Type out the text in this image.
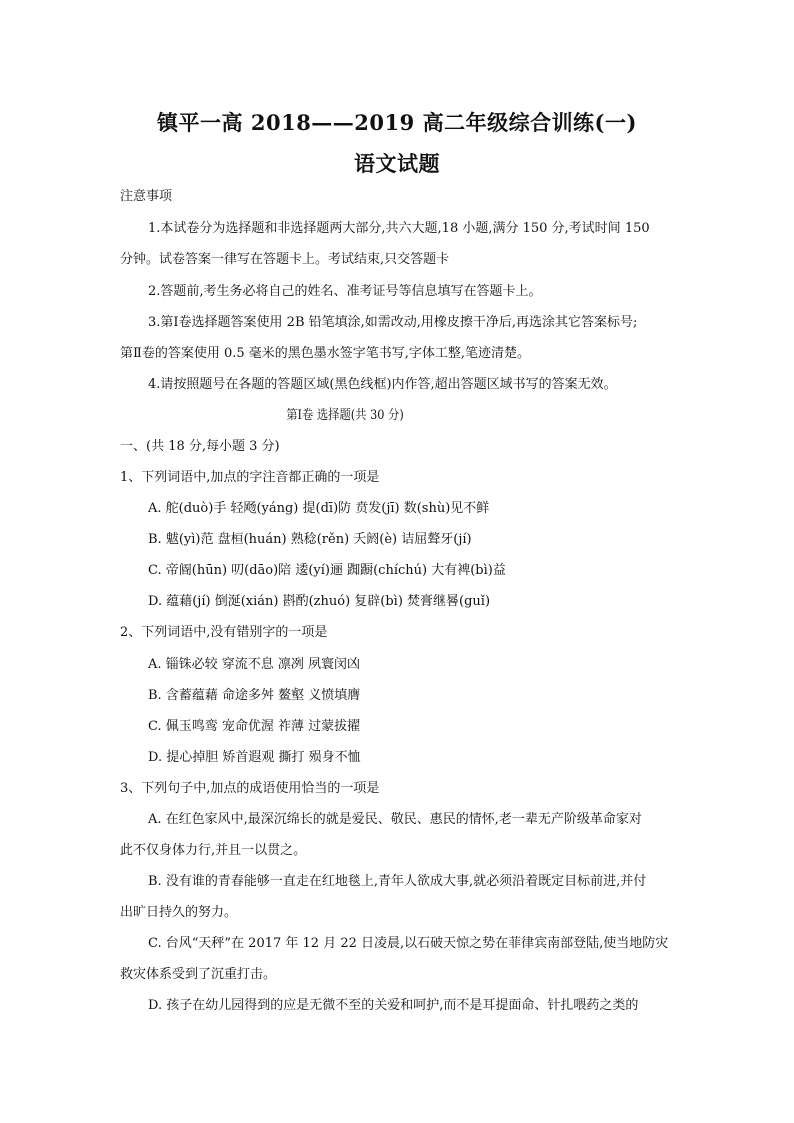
镇平一高 2018——2019 高二年级综合训练(一)
语文试题
注意事项
1.本试卷分为选择题和非选择题两大部分,共六大题,18 小题,满分 150 分,考试时间 150
分钟。试卷答案一律写在答题卡上。考试结束,只交答题卡
2.答题前,考生务必将自己的姓名、准考证号等信息填写在答题卡上。
3.第Ⅰ卷选择题答案使用 2B 铅笔填涂,如需改动,用橡皮擦干净后,再选涂其它答案标号;
第Ⅱ卷的答案使用 0.5 毫米的黑色墨水签字笔书写,字体工整,笔迹清楚。
4.请按照题号在各题的答题区域(黑色线框)内作答,超出答题区域书写的答案无效。
第Ⅰ卷 选择题(共 30 分)
一、(共 18 分,每小题 3 分)
1、下列词语中,加点的字注音都正确的一项是
A. 舵(duò)手 轻飏(yáng) 提(dī)防 贲发(jī) 数(shù)见不鲜
B. 魃(yì)范 盘桓(huán) 熟稔(rěn) 夭阏(è) 诘屈聱牙(jí)
C. 帝阍(hūn) 叨(dāo)陪 逶(yí)逦 踟蹰(chíchú) 大有裨(bì)益
D. 蕴藉(jí) 倒涎(xián) 斟酌(zhuó) 复辟(bì) 焚膏继晷(guǐ)
2、下列词语中,没有错别字的一项是
A. 锱铢必较 穿流不息 凛冽 夙寰闵凶
B. 含蓄蕴藉 命途多舛 鳌壑 义愤填膺
C. 佩玉鸣鸾 宠命优渥 祚薄 过蒙拔擢
D. 提心掉胆 矫首遐观 撕打 殒身不恤
3、下列句子中,加点的成语使用恰当的一项是
A. 在红色家风中,最深沉绵长的就是爱民、敬民、惠民的情怀,老一辈无产阶级革命家对
此不仅身体力行,并且一以贯之。
B. 没有谁的青春能够一直走在红地毯上,青年人欲成大事,就必须沿着既定目标前进,并付
出旷日持久的努力。
C. 台风“天秤”在 2017 年 12 月 22 日凌晨,以石破天惊之势在菲律宾南部登陆,使当地防灾
救灾体系受到了沉重打击。
D. 孩子在幼儿园得到的应是无微不至的关爱和呵护,而不是耳提面命、针扎喂药之类的
